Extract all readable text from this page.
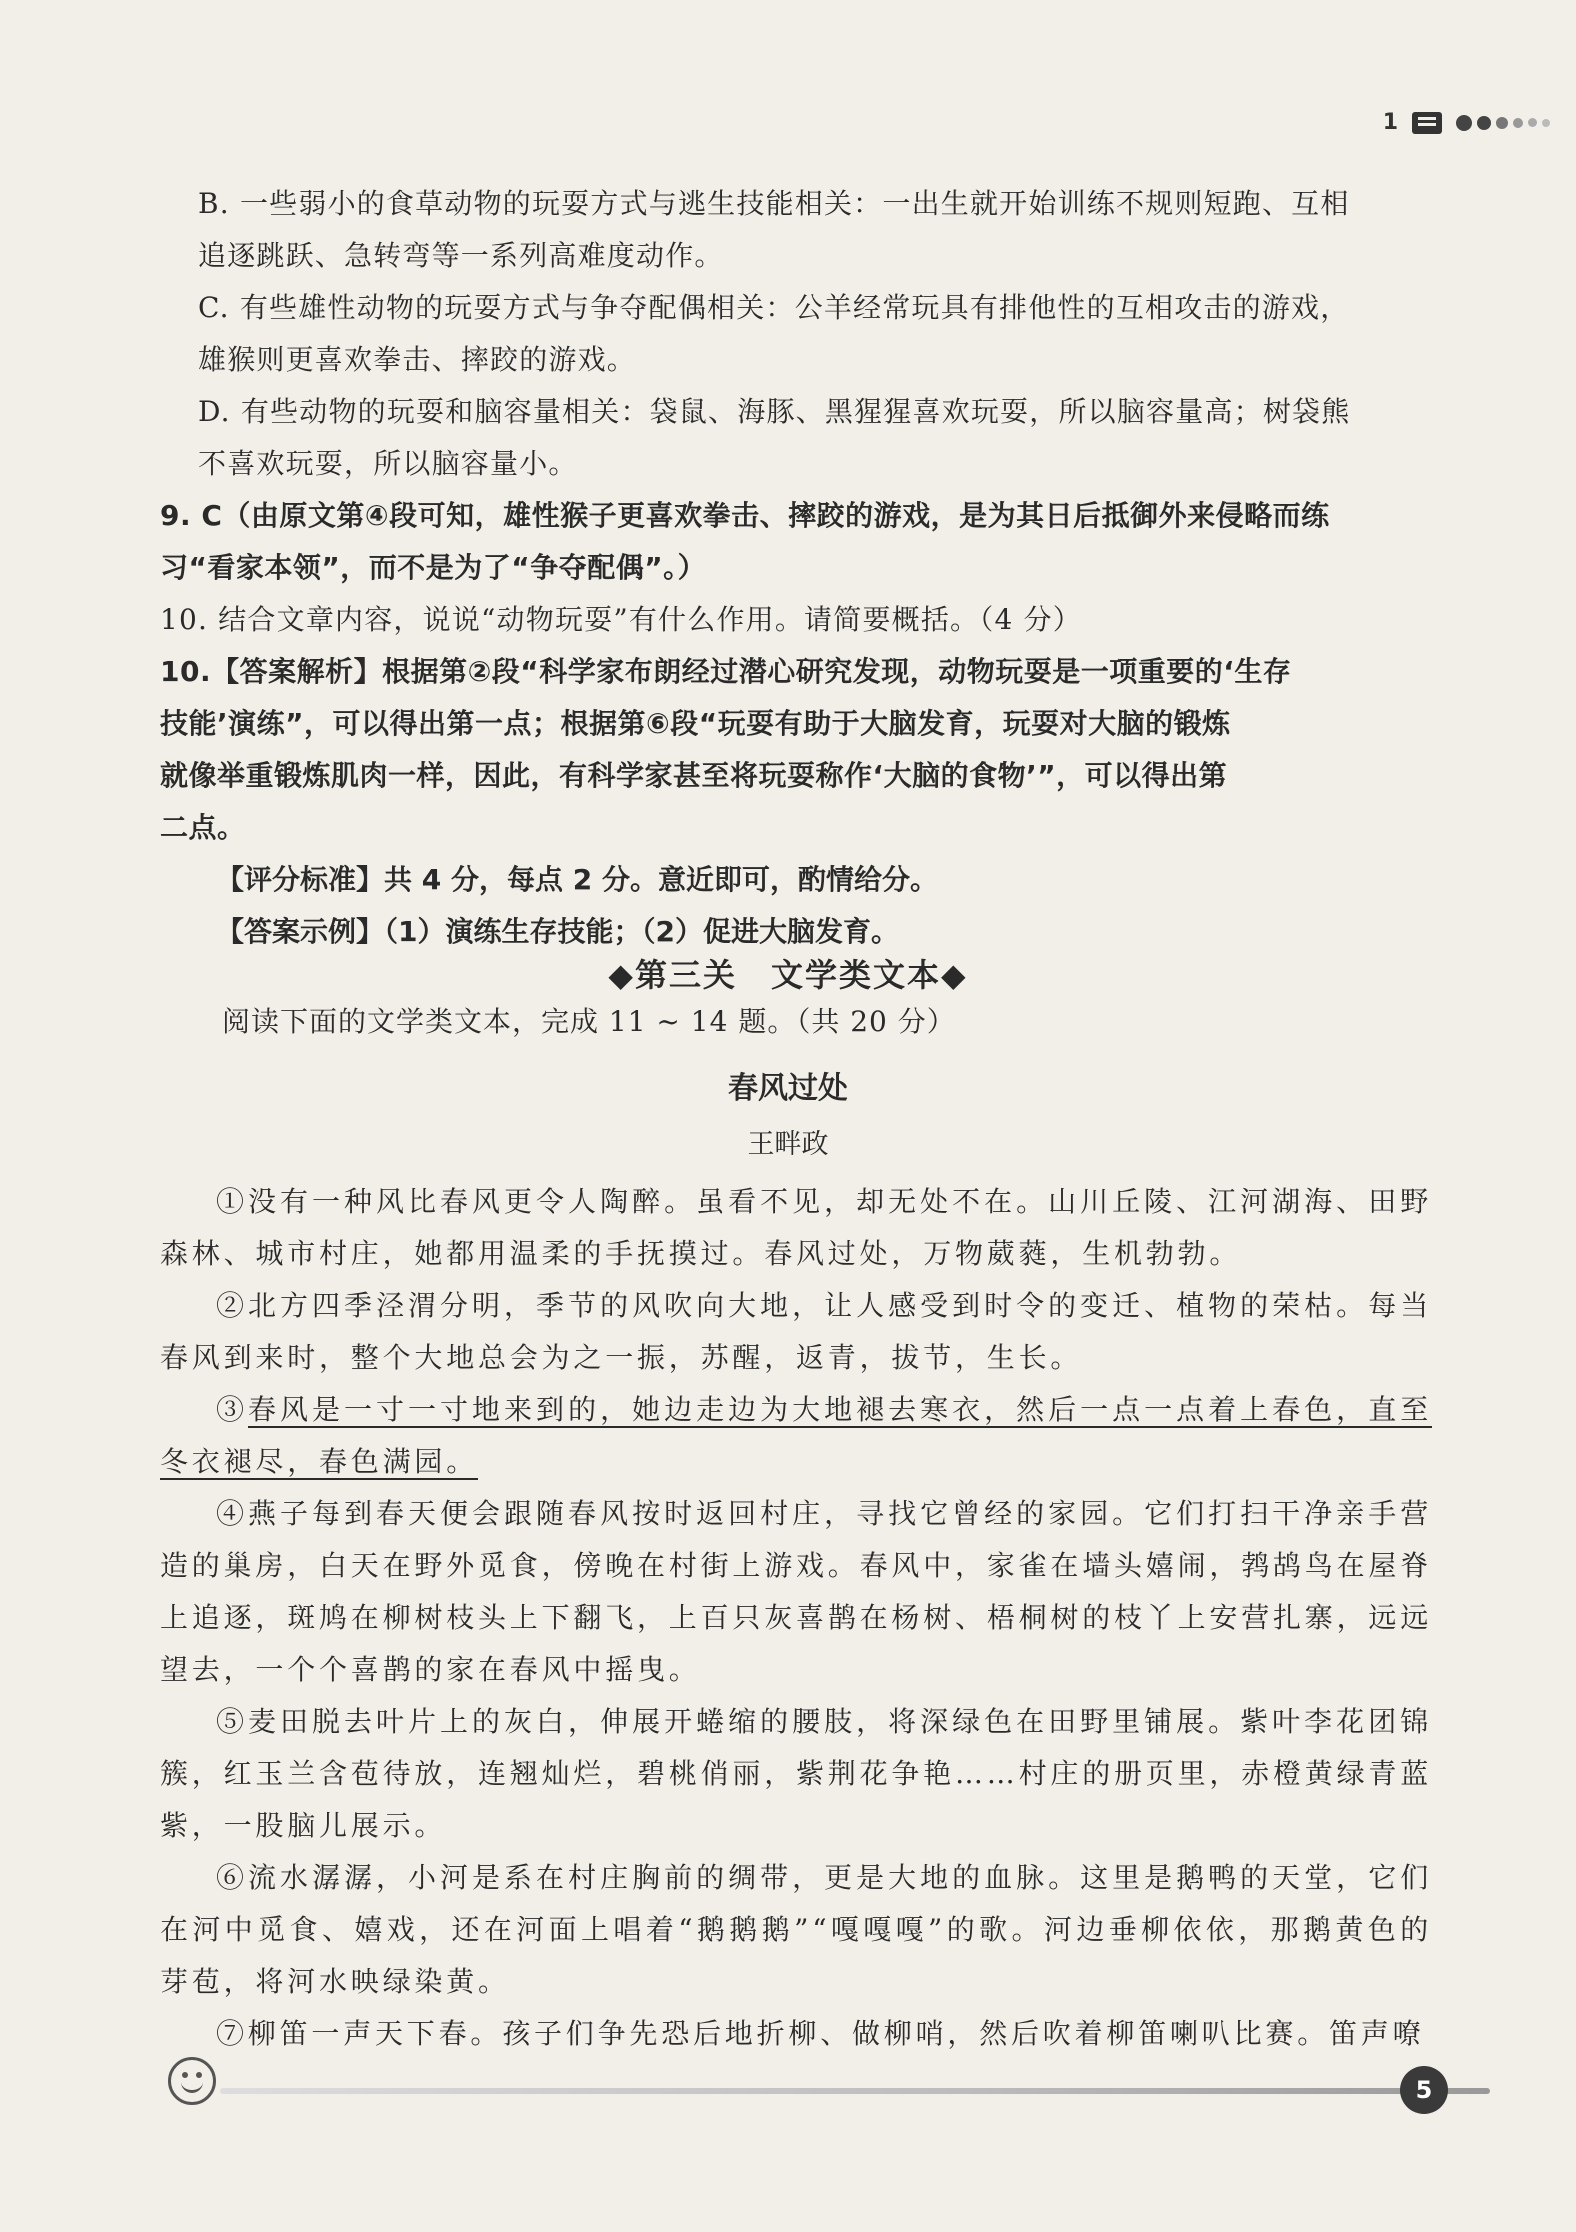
1
B. 一些弱小的食草动物的玩耍方式与逃生技能相关：一出生就开始训练不规则短跑、互相
追逐跳跃、急转弯等一系列高难度动作。
C. 有些雄性动物的玩耍方式与争夺配偶相关：公羊经常玩具有排他性的互相攻击的游戏，
雄猴则更喜欢拳击、摔跤的游戏。
D. 有些动物的玩耍和脑容量相关：袋鼠、海豚、黑猩猩喜欢玩耍，所以脑容量高；树袋熊
不喜欢玩耍，所以脑容量小。
9. C（由原文第④段可知，雄性猴子更喜欢拳击、摔跤的游戏，是为其日后抵御外来侵略而练
习“看家本领”，而不是为了“争夺配偶”。）
10. 结合文章内容，说说“动物玩耍”有什么作用。请简要概括。（4 分）
10.【答案解析】根据第②段“科学家布朗经过潜心研究发现，动物玩耍是一项重要的‘生存
技能’演练”，可以得出第一点；根据第⑥段“玩耍有助于大脑发育，玩耍对大脑的锻炼
就像举重锻炼肌肉一样，因此，有科学家甚至将玩耍称作‘大脑的食物’”，可以得出第
二点。
【评分标准】共 4 分，每点 2 分。意近即可，酌情给分。
【答案示例】（1）演练生存技能；（2）促进大脑发育。
◆第三关　文学类文本◆
阅读下面的文学类文本，完成 11 ~ 14 题。（共 20 分）
春风过处
王畔政
①没有一种风比春风更令人陶醉。虽看不见，却无处不在。山川丘陵、江河湖海、田野森林、城市村庄，她都用温柔的手抚摸过。春风过处，万物葳蕤，生机勃勃。
②北方四季泾渭分明，季节的风吹向大地，让人感受到时令的变迁、植物的荣枯。每当春风到来时，整个大地总会为之一振，苏醒，返青，拔节，生长。
③春风是一寸一寸地来到的，她边走边为大地褪去寒衣，然后一点一点着上春色，直至冬衣褪尽，春色满园。
④燕子每到春天便会跟随春风按时返回村庄，寻找它曾经的家园。它们打扫干净亲手营造的巢房，白天在野外觅食，傍晚在村街上游戏。春风中，家雀在墙头嬉闹，鹁鸪鸟在屋脊上追逐，斑鸠在柳树枝头上下翻飞，上百只灰喜鹊在杨树、梧桐树的枝丫上安营扎寨，远远望去，一个个喜鹊的家在春风中摇曳。
⑤麦田脱去叶片上的灰白，伸展开蜷缩的腰肢，将深绿色在田野里铺展。紫叶李花团锦簇，红玉兰含苞待放，连翘灿烂，碧桃俏丽，紫荆花争艳……村庄的册页里，赤橙黄绿青蓝紫，一股脑儿展示。
⑥流水潺潺，小河是系在村庄胸前的绸带，更是大地的血脉。这里是鹅鸭的天堂，它们在河中觅食、嬉戏，还在河面上唱着“鹅鹅鹅”“嘎嘎嘎”的歌。河边垂柳依依，那鹅黄色的芽苞，将河水映绿染黄。
⑦柳笛一声天下春。孩子们争先恐后地折柳、做柳哨，然后吹着柳笛喇叭比赛。笛声嘹
5
